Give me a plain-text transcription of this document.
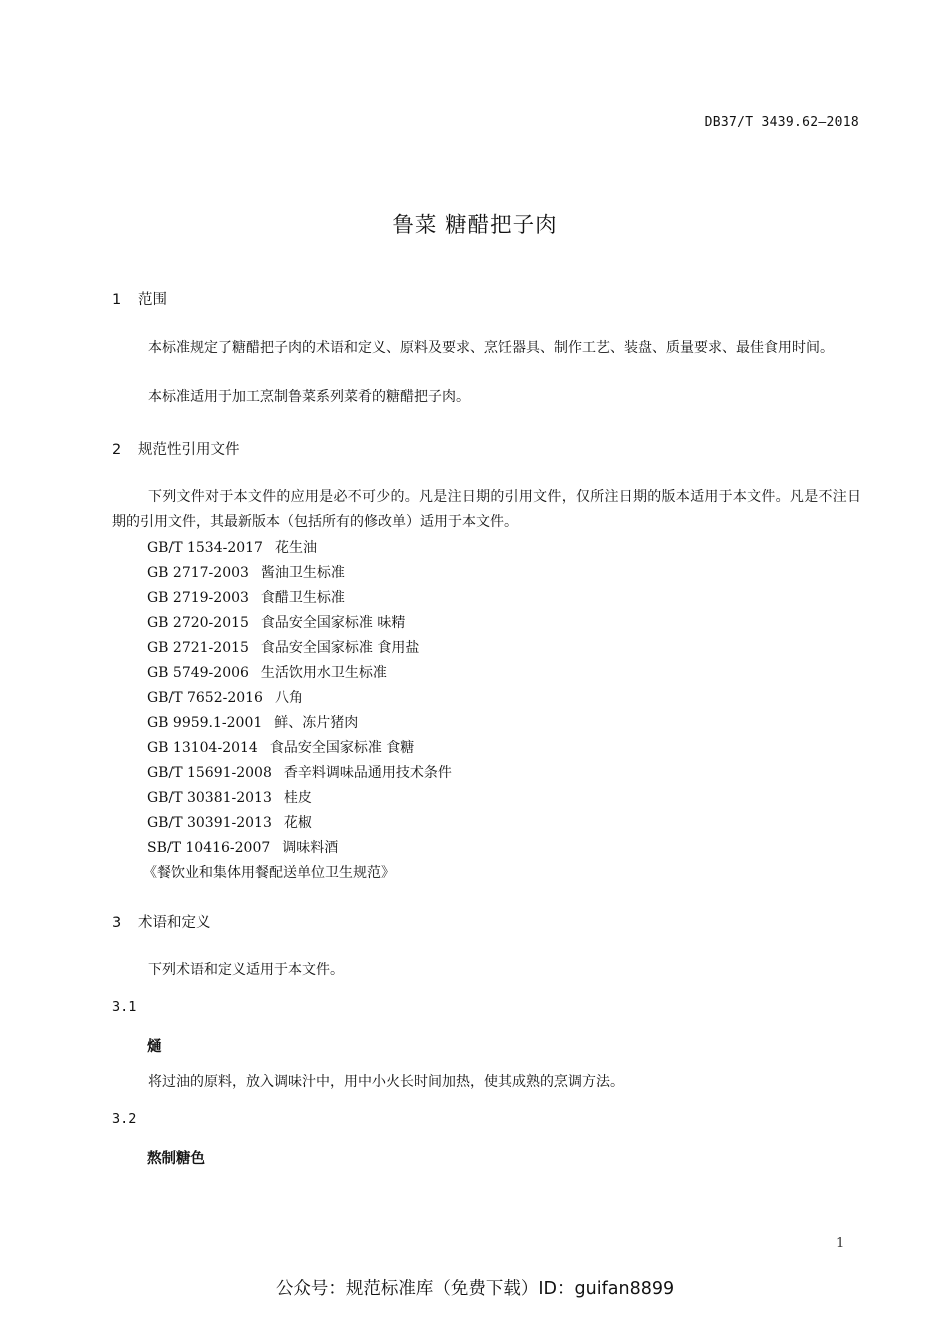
DB37/T 3439.62—2018
鲁菜 糖醋把子肉
1 范围
本标准规定了糖醋把子肉的术语和定义、原料及要求、烹饪器具、制作工艺、装盘、质量要求、最佳食用时间。
本标准适用于加工烹制鲁菜系列菜肴的糖醋把子肉。
2 规范性引用文件
下列文件对于本文件的应用是必不可少的。凡是注日期的引用文件，仅所注日期的版本适用于本文件。凡是不注日期的引用文件，其最新版本（包括所有的修改单）适用于本文件。
GB/T 1534-2017 花生油
GB 2717-2003 酱油卫生标准
GB 2719-2003 食醋卫生标准
GB 2720-2015 食品安全国家标准 味精
GB 2721-2015 食品安全国家标准 食用盐
GB 5749-2006 生活饮用水卫生标准
GB/T 7652-2016 八角
GB 9959.1-2001 鲜、冻片猪肉
GB 13104-2014 食品安全国家标准 食糖
GB/T 15691-2008 香辛料调味品通用技术条件
GB/T 30381-2013 桂皮
GB/T 30391-2013 花椒
SB/T 10416-2007 调味料酒
《餐饮业和集体用餐配送单位卫生规范》
3 术语和定义
下列术语和定义适用于本文件。
3.1
熥
将过油的原料，放入调味汁中，用中小火长时间加热，使其成熟的烹调方法。
3.2
熬制糖色
1
公众号：规范标准库（免费下载）ID：guifan8899
